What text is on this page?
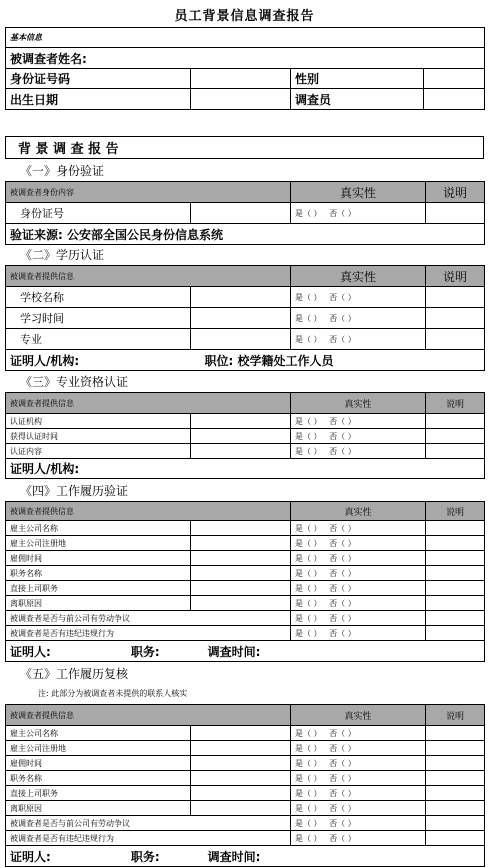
员工背景信息调查报告
基本信息			
被调查者姓名:			
身份证号码		性别	
出生日期		调查员	
背 景 调 查 报 告
《一》身份验证
被调查者身份内容		真实性	说明
身份证号		是（ ）   否（ ）	
验证来源: 公安部全国公民身份信息系统			
《二》学历认证
被调查者提供信息	真实性	说明
学校名称		是（ ）   否（ ）	
学习时间		是（ ）   否（ ）	
专业		是（ ）   否（ ）	
证明人/机构:	职位: 校学籍处工作人员
《三》专业资格认证
被调查者提供信息		真实性	说明
认证机构		是（ ）   否（ ）	
获得认证时间		是（ ）   否（ ）	
认证内容		是（ ）   否（ ）	
证明人/机构:			
《四》工作履历验证
被调查者提供信息		真实性	说明
雇主公司名称		是（ ）   否（ ）	
雇主公司注册地		是（ ）   否（ ）	
雇佣时间		是（ ）   否（ ）	
职务名称		是（ ）   否（ ）	
直接上司职务		是（ ）   否（ ）	
离职原因		是（ ）   否（ ）	
被调查者是否与前公司有劳动争议		是（ ）   否（ ）	
被调查者是否有违纪违规行为		是（ ）   否（ ）	
证明人: 职务: 调查时间:			
《五》工作履历复核
注: 此部分为被调查者未提供的联系人核实
被调查者提供信息		真实性	说明
雇主公司名称		是（ ）   否（ ）	
雇主公司注册地		是（ ）   否（ ）	
雇佣时间		是（ ）   否（ ）	
职务名称		是（ ）   否（ ）	
直接上司职务		是（ ）   否（ ）	
离职原因		是（ ）   否（ ）	
被调查者是否与前公司有劳动争议		是（ ）   否（ ）	
被调查者是否有违纪违规行为		是（ ）   否（ ）	
证明人: 职务: 调查时间:			
